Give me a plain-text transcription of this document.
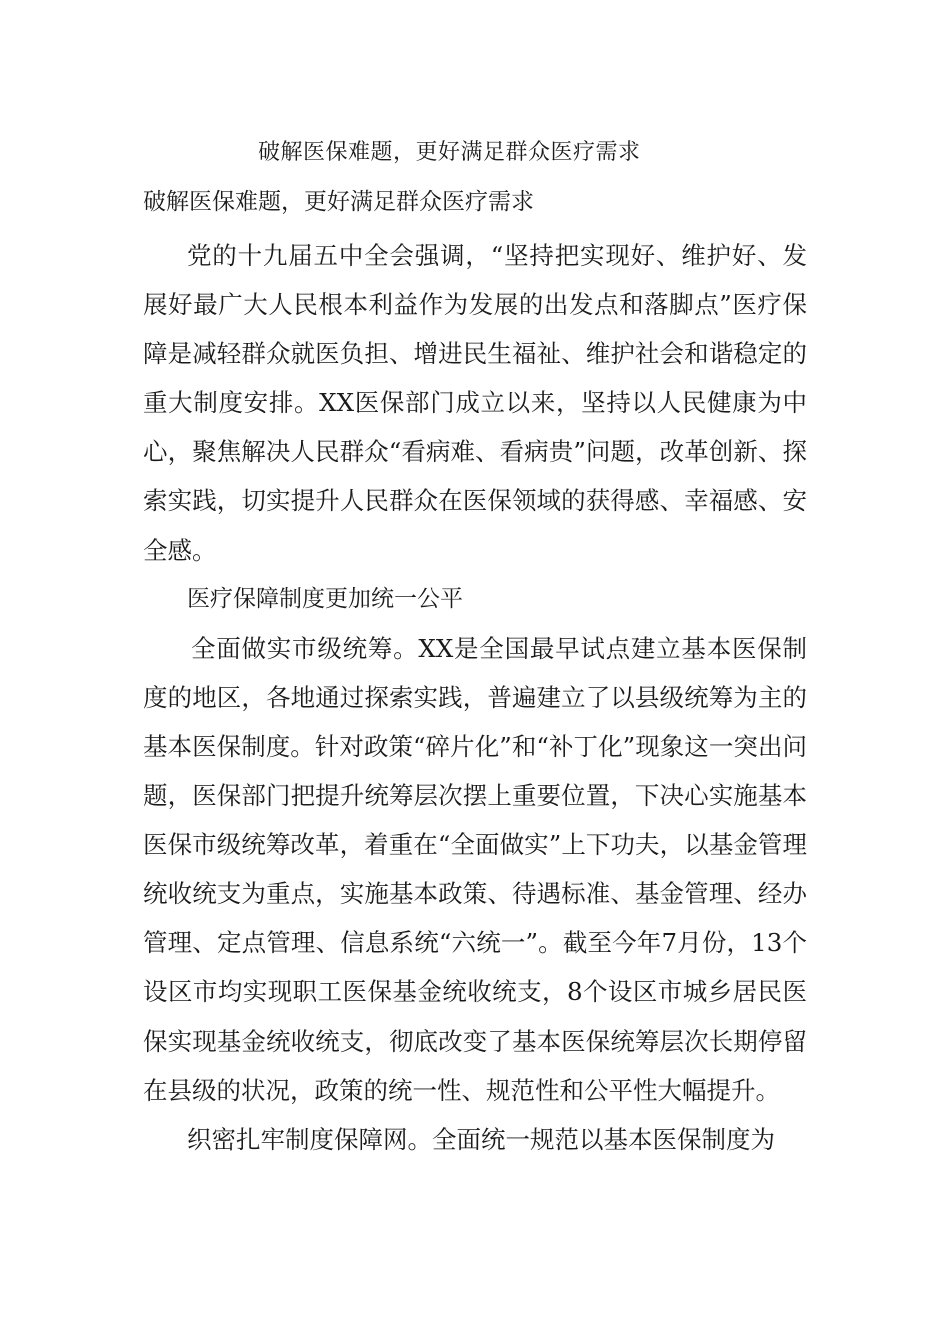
破解医保难题，更好满足群众医疗需求
破解医保难题，更好满足群众医疗需求

党的十九届五中全会强调，“坚持把实现好、维护好、发展好最广大人民根本利益作为发展的出发点和落脚点”医疗保障是减轻群众就医负担、增进民生福祉、维护社会和谐稳定的重大制度安排。XX医保部门成立以来，坚持以人民健康为中心，聚焦解决人民群众“看病难、看病贵”问题，改革创新、探索实践，切实提升人民群众在医保领域的获得感、幸福感、安全感。

医疗保障制度更加统一公平

全面做实市级统筹。XX是全国最早试点建立基本医保制度的地区，各地通过探索实践，普遍建立了以县级统筹为主的基本医保制度。针对政策“碎片化”和“补丁化”现象这一突出问题，医保部门把提升统筹层次摆上重要位置，下决心实施基本医保市级统筹改革，着重在“全面做实”上下功夫，以基金管理统收统支为重点，实施基本政策、待遇标准、基金管理、经办管理、定点管理、信息系统“六统一”。截至今年7月份，13个设区市均实现职工医保基金统收统支，8个设区市城乡居民医保实现基金统收统支，彻底改变了基本医保统筹层次长期停留在县级的状况，政策的统一性、规范性和公平性大幅提升。

织密扎牢制度保障网。全面统一规范以基本医保制度为
